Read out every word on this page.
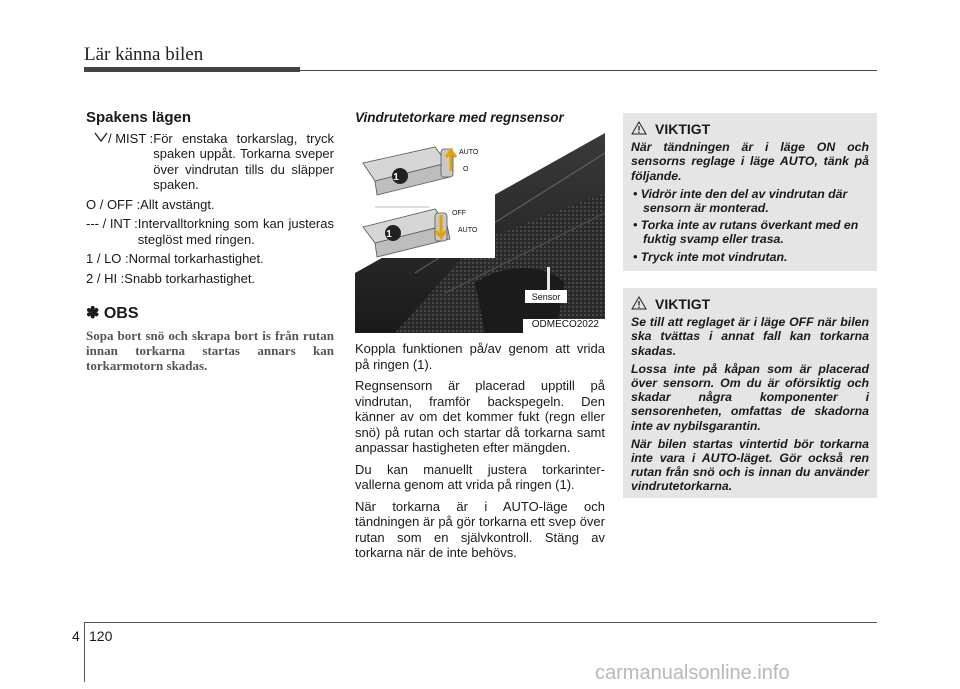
Lär känna bilen
Spakens lägen
/ MIST : För enstaka torkarslag, tryck spaken uppåt. Torkarna sveper över vindrutan tills du släpper spaken.
O / OFF : Allt avstängt.
--- / INT : Intervalltorkning som kan justeras steglöst med ringen.
1 / LO : Normal torkarhastighet.
2 / HI : Snabb torkarhastighet.
✽ OBS
Sopa bort snö och skrapa bort is från rutan innan torkarna startas annars kan torkarmotorn skadas.
Vindrutetorkare med regnsensor
1
1
AUTO
O
OFF
AUTO
Sensor
ODMECO2022

Koppla funktionen på/av genom att vrida på ringen (1).

Regnsensorn är placerad upptill på vindrutan, framför backspegeln. Den känner av om det kommer fukt (regn eller snö) på rutan och startar då torkarna samt anpassar hastigheten efter mängden.

Du kan manuellt justera torkarinter- vallerna genom att vrida på ringen (1).

När torkarna är i AUTO-läge och tändningen är på gör torkarna ett svep över rutan som en självkontroll. Stäng av torkarna när de inte behövs.

VIKTIGT

När tändningen är i läge ON och sensorns reglage i läge AUTO, tänk på följande.

• Vidrör inte den del av vindrutan där sensorn är monterad.
• Torka inte av rutans överkant med en fuktig svamp eller trasa.
• Tryck inte mot vindrutan.
VIKTIGT

Se till att reglaget är i läge OFF när bilen ska tvättas i annat fall kan torkarna skadas.

Lossa inte på kåpan som är placerad över sensorn. Om du är oförsiktig och skadar några komponenter i sensorenheten, omfattas de skadorna inte av nybilsgarantin.

När bilen startas vintertid bör torkarna inte vara i AUTO-läget. Gör också ren rutan från snö och is innan du använder vindrutetorkarna.

4 120
carmanualsonline.info
